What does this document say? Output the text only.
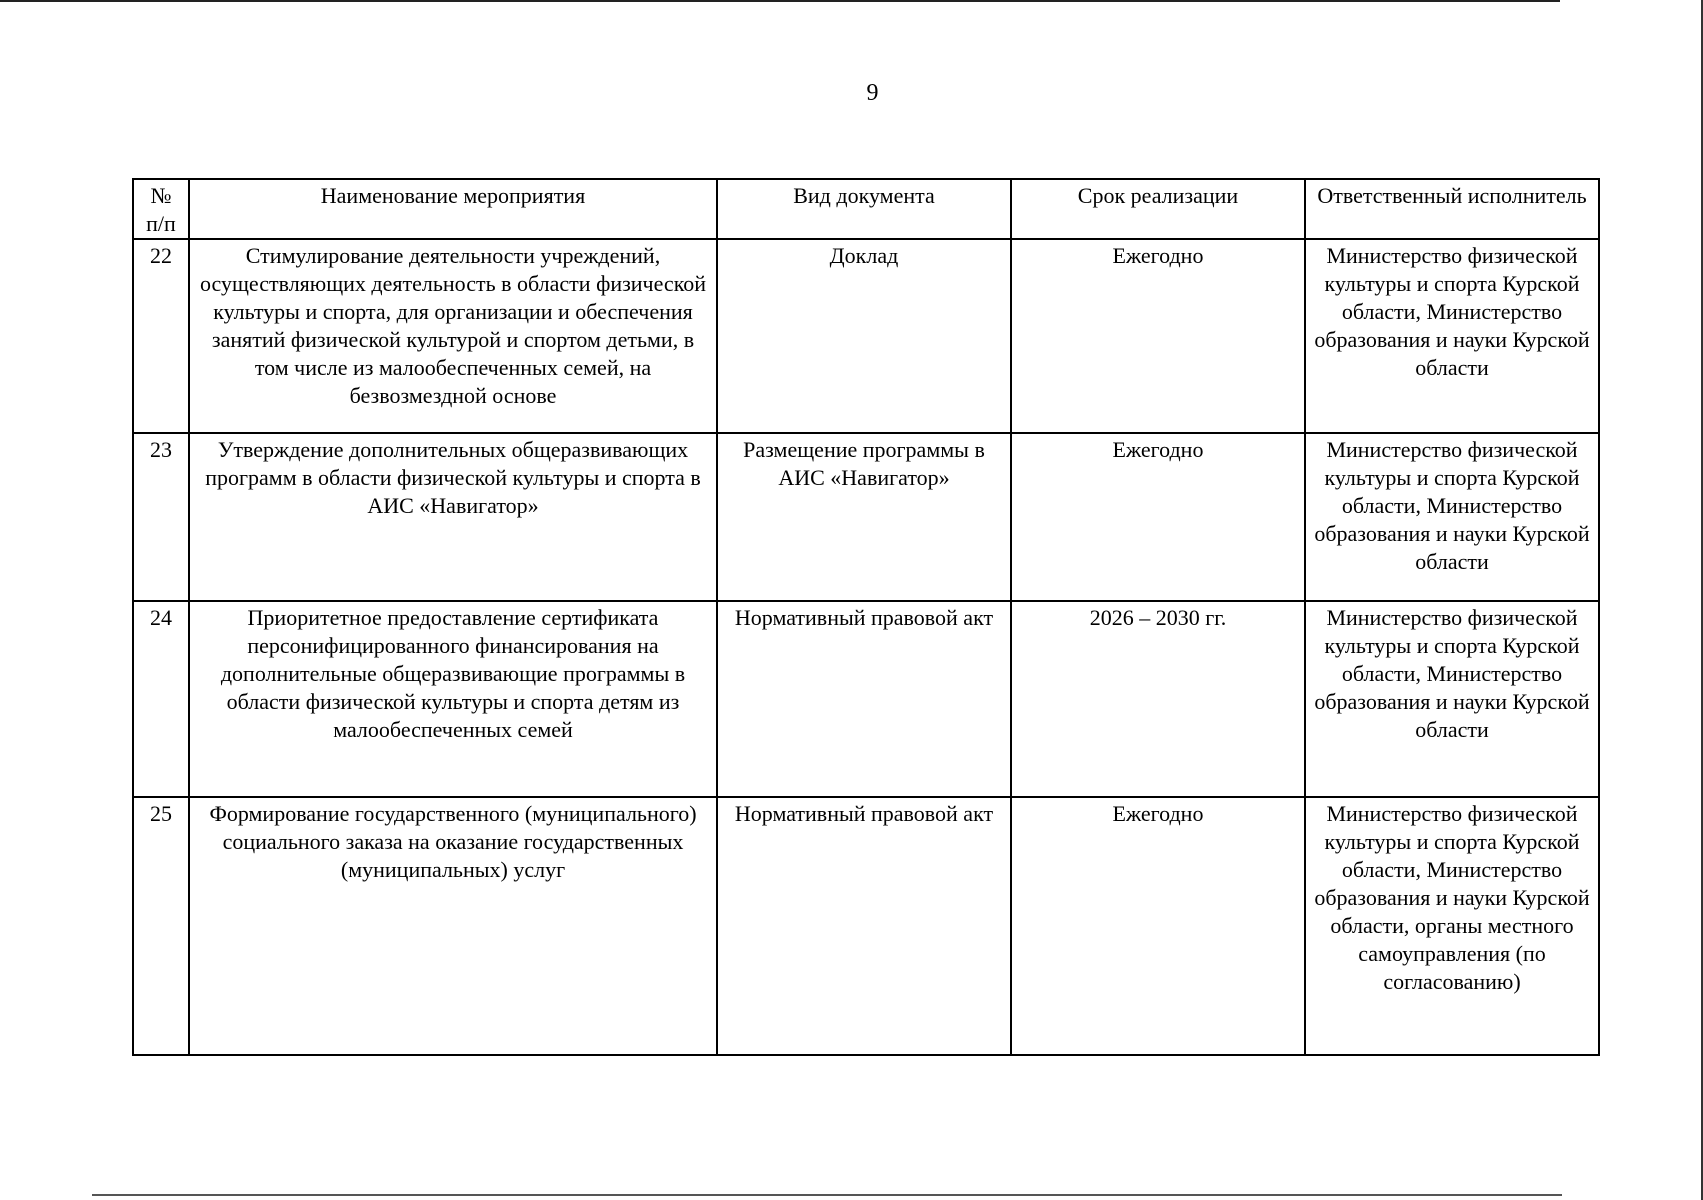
9
№ п/п	Наименование мероприятия	Вид документа	Срок реализации	Ответственный исполнитель
22	Стимулирование деятельности учреждений, осуществляющих деятельность в области физической культуры и спорта, для организации и обеспечения занятий физической культурой и спортом детьми, в том числе из малообеспеченных семей, на безвозмездной основе	Доклад	Ежегодно	Министерство физической культуры и спорта Курской области, Министерство образования и науки Курской области
23	Утверждение дополнительных общеразвивающих программ в области физической культуры и спорта в АИС «Навигатор»	Размещение программы в АИС «Навигатор»	Ежегодно	Министерство физической культуры и спорта Курской области, Министерство образования и науки Курской области
24	Приоритетное предоставление сертификата персонифицированного финансирования на дополнительные общеразвивающие программы в области физической культуры и спорта детям из малообеспеченных семей	Нормативный правовой акт	2026 – 2030 гг.	Министерство физической культуры и спорта Курской области, Министерство образования и науки Курской области
25	Формирование государственного (муниципального) социального заказа на оказание государственных (муниципальных) услуг	Нормативный правовой акт	Ежегодно	Министерство физической культуры и спорта Курской области, Министерство образования и науки Курской области, органы местного самоуправления (по согласованию)
